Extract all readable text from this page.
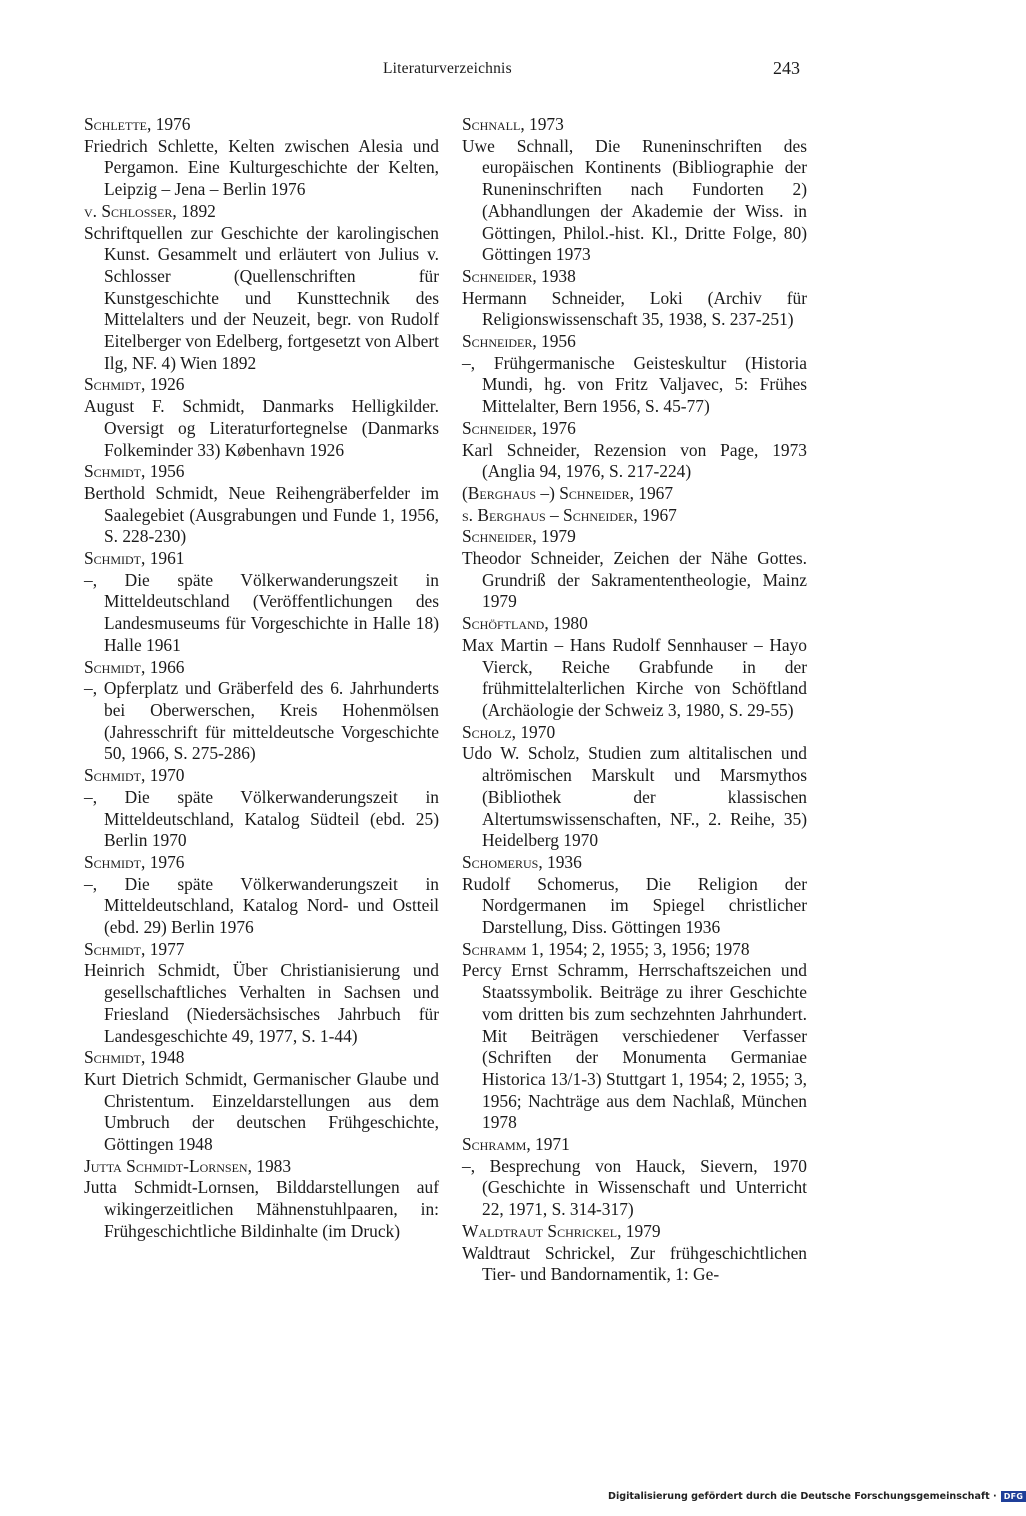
Literaturverzeichnis	243
Schlette, 1976
Friedrich Schlette, Kelten zwischen Alesia und Pergamon. Eine Kulturgeschichte der Kelten, Leipzig – Jena – Berlin 1976
v. Schlosser, 1892
Schriftquellen zur Geschichte der karolingischen Kunst. Gesammelt und erläutert von Julius v. Schlosser (Quellenschriften für Kunstgeschichte und Kunsttechnik des Mittelalters und der Neuzeit, begr. von Rudolf Eitelberger von Edelberg, fortgesetzt von Albert Ilg, NF. 4) Wien 1892
Schmidt, 1926
August F. Schmidt, Danmarks Helligkilder. Oversigt og Literaturfortegnelse (Danmarks Folkeminder 33) København 1926
Schmidt, 1956
Berthold Schmidt, Neue Reihengräberfelder im Saalegebiet (Ausgrabungen und Funde 1, 1956, S. 228-230)
Schmidt, 1961
–, Die späte Völkerwanderungszeit in Mitteldeutschland (Veröffentlichungen des Landesmuseums für Vorgeschichte in Halle 18) Halle 1961
Schmidt, 1966
–, Opferplatz und Gräberfeld des 6. Jahrhunderts bei Oberwerschen, Kreis Hohenmölsen (Jahresschrift für mitteldeutsche Vorgeschichte 50, 1966, S. 275-286)
Schmidt, 1970
–, Die späte Völkerwanderungszeit in Mitteldeutschland, Katalog Südteil (ebd. 25) Berlin 1970
Schmidt, 1976
–, Die späte Völkerwanderungszeit in Mitteldeutschland, Katalog Nord- und Ostteil (ebd. 29) Berlin 1976
Schmidt, 1977
Heinrich Schmidt, Über Christianisierung und gesellschaftliches Verhalten in Sachsen und Friesland (Niedersächsisches Jahrbuch für Landesgeschichte 49, 1977, S. 1-44)
Schmidt, 1948
Kurt Dietrich Schmidt, Germanischer Glaube und Christentum. Einzeldarstellungen aus dem Umbruch der deutschen Frühgeschichte, Göttingen 1948
Jutta Schmidt-Lornsen, 1983
Jutta Schmidt-Lornsen, Bilddarstellungen auf wikingerzeitlichen Mähnenstuhlpaaren, in: Frühgeschichtliche Bildinhalte (im Druck)
Schnall, 1973
Uwe Schnall, Die Runeninschriften des europäischen Kontinents (Bibliographie der Runeninschriften nach Fundorten 2) (Abhandlungen der Akademie der Wiss. in Göttingen, Philol.-hist. Kl., Dritte Folge, 80) Göttingen 1973
Schneider, 1938
Hermann Schneider, Loki (Archiv für Religionswissenschaft 35, 1938, S. 237-251)
Schneider, 1956
–, Frühgermanische Geisteskultur (Historia Mundi, hg. von Fritz Valjavec, 5: Frühes Mittelalter, Bern 1956, S. 45-77)
Schneider, 1976
Karl Schneider, Rezension von Page, 1973 (Anglia 94, 1976, S. 217-224)
(Berghaus –) Schneider, 1967
s. Berghaus – Schneider, 1967
Schneider, 1979
Theodor Schneider, Zeichen der Nähe Gottes. Grundriß der Sakramententheologie, Mainz 1979
Schöftland, 1980
Max Martin – Hans Rudolf Sennhauser – Hayo Vierck, Reiche Grabfunde in der frühmittelalterlichen Kirche von Schöftland (Archäologie der Schweiz 3, 1980, S. 29-55)
Scholz, 1970
Udo W. Scholz, Studien zum altitalischen und altrömischen Marskult und Marsmythos (Bibliothek der klassischen Altertumswissenschaften, NF., 2. Reihe, 35) Heidelberg 1970
Schomerus, 1936
Rudolf Schomerus, Die Religion der Nordgermanen im Spiegel christlicher Darstellung, Diss. Göttingen 1936
Schramm 1, 1954; 2, 1955; 3, 1956; 1978
Percy Ernst Schramm, Herrschaftszeichen und Staatssymbolik. Beiträge zu ihrer Geschichte vom dritten bis zum sechzehnten Jahrhundert. Mit Beiträgen verschiedener Verfasser (Schriften der Monumenta Germaniae Historica 13/1-3) Stuttgart 1, 1954; 2, 1955; 3, 1956; Nachträge aus dem Nachlaß, München 1978
Schramm, 1971
–, Besprechung von Hauck, Sievern, 1970 (Geschichte in Wissenschaft und Unterricht 22, 1971, S. 314-317)
Waldtraut Schrickel, 1979
Waldtraut Schrickel, Zur frühgeschichtlichen Tier- und Bandornamentik, 1: Ge-
Digitalisierung gefördert durch die Deutsche Forschungsgemeinschaft · DFG
